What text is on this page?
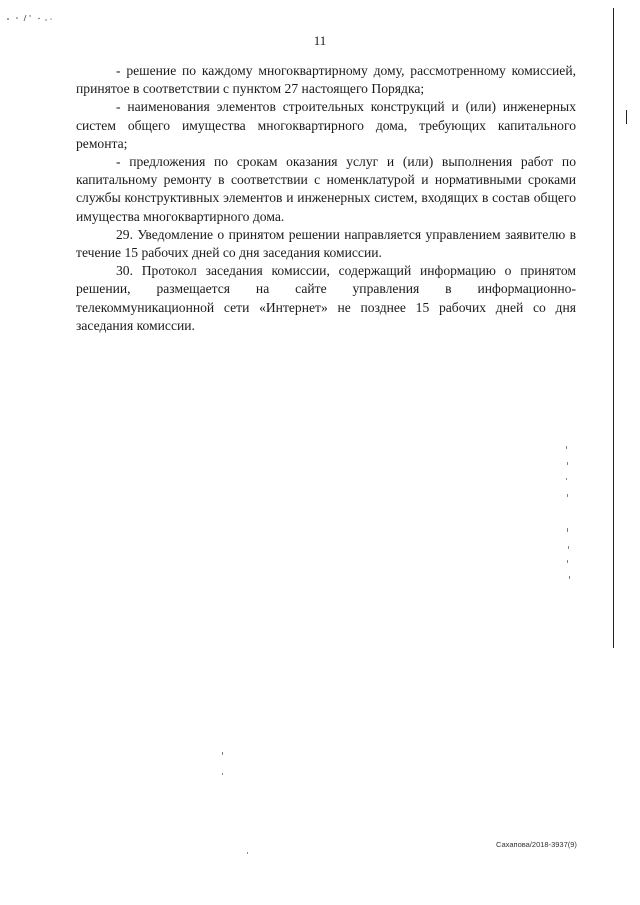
11

- решение по каждому многоквартирному дому, рассмотренному комиссией, принятое в соответствии с пунктом 27 настоящего Порядка;

- наименования элементов строительных конструкций и (или) инженерных систем общего имущества многоквартирного дома, требующих капитального ремонта;

- предложения по срокам оказания услуг и (или) выполнения работ по капитальному ремонту в соответствии с номенклатурой и нормативными сроками службы конструктивных элементов и инженерных систем, входящих в состав общего имущества многоквартирного дома.

29. Уведомление о принятом решении направляется управлением заявителю в течение 15 рабочих дней со дня заседания комиссии.

30. Протокол заседания комиссии, содержащий информацию о принятом решении, размещается на сайте управления в информационно-телекоммуникационной сети «Интернет» не позднее 15 рабочих дней со дня заседания комиссии.

Сахапова/2018-3937(9)
